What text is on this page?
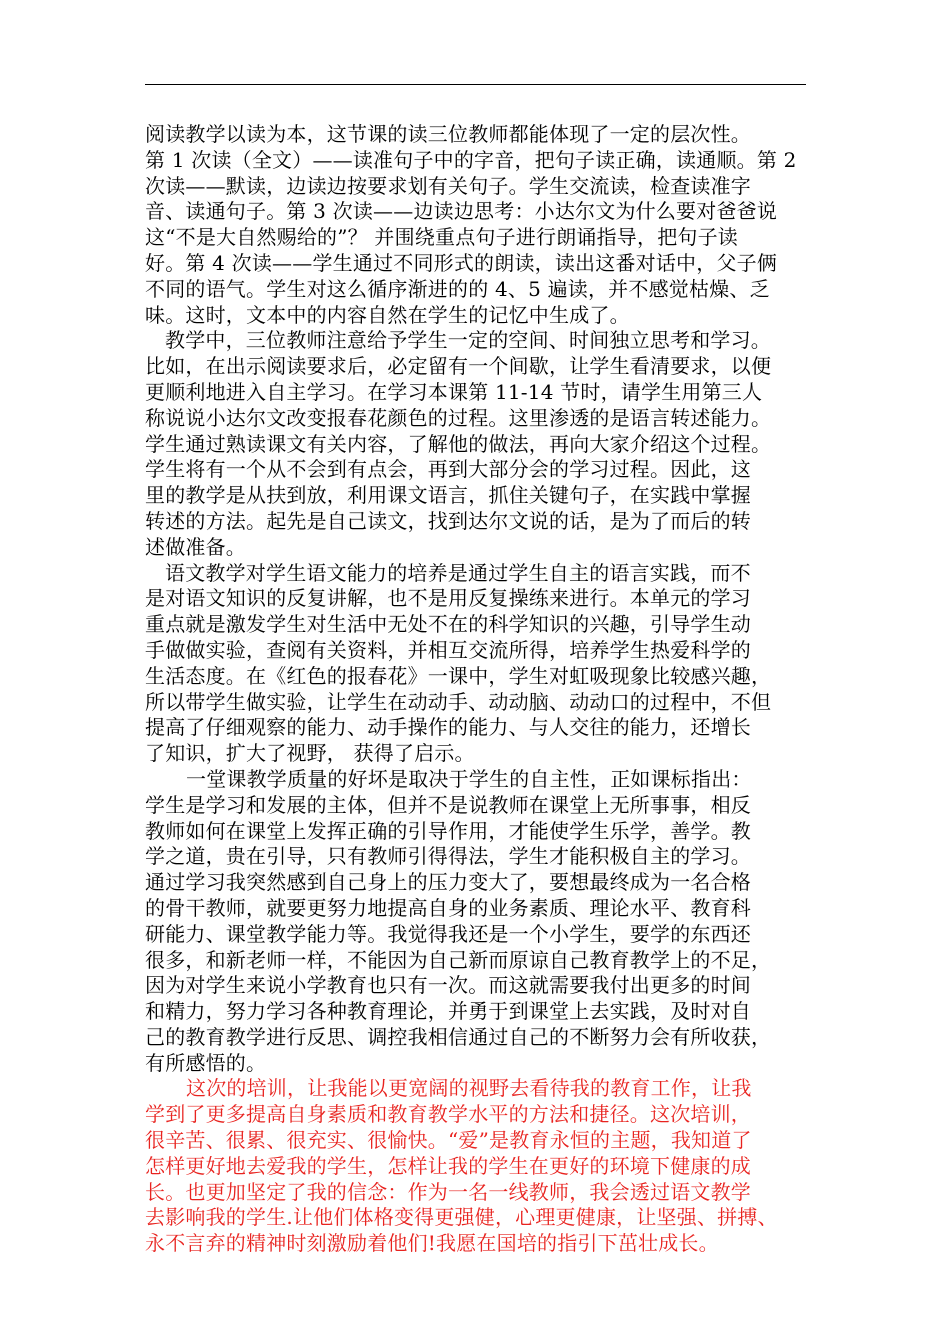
阅读教学以读为本，这节课的读三位教师都能体现了一定的层次性。
第 1 次读（全文）——读准句子中的字音，把句子读正确，读通顺。第 2
次读——默读，边读边按要求划有关句子。学生交流读，检查读准字
音、读通句子。第 3 次读——边读边思考：小达尔文为什么要对爸爸说
这“不是大自然赐给的”？ 并围绕重点句子进行朗诵指导，把句子读
好。第 4 次读——学生通过不同形式的朗读，读出这番对话中，父子俩
不同的语气。学生对这么循序渐进的的 4、5 遍读，并不感觉枯燥、乏
味。这时，文本中的内容自然在学生的记忆中生成了。
教学中，三位教师注意给予学生一定的空间、时间独立思考和学习。
比如，在出示阅读要求后，必定留有一个间歇，让学生看清要求，以便
更顺利地进入自主学习。在学习本课第 11-14 节时，请学生用第三人
称说说小达尔文改变报春花颜色的过程。这里渗透的是语言转述能力。
学生通过熟读课文有关内容，了解他的做法，再向大家介绍这个过程。
学生将有一个从不会到有点会，再到大部分会的学习过程。因此，这
里的教学是从扶到放，利用课文语言，抓住关键句子，在实践中掌握
转述的方法。起先是自己读文，找到达尔文说的话，是为了而后的转
述做准备。
语文教学对学生语文能力的培养是通过学生自主的语言实践，而不
是对语文知识的反复讲解，也不是用反复操练来进行。本单元的学习
重点就是激发学生对生活中无处不在的科学知识的兴趣，引导学生动
手做做实验，查阅有关资料，并相互交流所得，培养学生热爱科学的
生活态度。在《红色的报春花》一课中，学生对虹吸现象比较感兴趣，
所以带学生做实验，让学生在动动手、动动脑、动动口的过程中，不但
提高了仔细观察的能力、动手操作的能力、与人交往的能力，还增长
了知识，扩大了视野， 获得了启示。
一堂课教学质量的好坏是取决于学生的自主性，正如课标指出：
学生是学习和发展的主体，但并不是说教师在课堂上无所事事，相反
教师如何在课堂上发挥正确的引导作用，才能使学生乐学，善学。教
学之道，贵在引导，只有教师引得得法，学生才能积极自主的学习。
通过学习我突然感到自己身上的压力变大了，要想最终成为一名合格
的骨干教师，就要更努力地提高自身的业务素质、理论水平、教育科
研能力、课堂教学能力等。我觉得我还是一个小学生，要学的东西还
很多，和新老师一样，不能因为自己新而原谅自己教育教学上的不足，
因为对学生来说小学教育也只有一次。而这就需要我付出更多的时间
和精力，努力学习各种教育理论，并勇于到课堂上去实践，及时对自
己的教育教学进行反思、调控我相信通过自己的不断努力会有所收获，
有所感悟的。
这次的培训，让我能以更宽阔的视野去看待我的教育工作，让我
学到了更多提高自身素质和教育教学水平的方法和捷径。这次培训，
很辛苦、很累、很充实、很愉快。“爱”是教育永恒的主题，我知道了
怎样更好地去爱我的学生，怎样让我的学生在更好的环境下健康的成
长。也更加坚定了我的信念：作为一名一线教师，我会透过语文教学
去影响我的学生.让他们体格变得更强健，心理更健康，让坚强、拼搏、
永不言弃的精神时刻激励着他们!我愿在国培的指引下茁壮成长。
